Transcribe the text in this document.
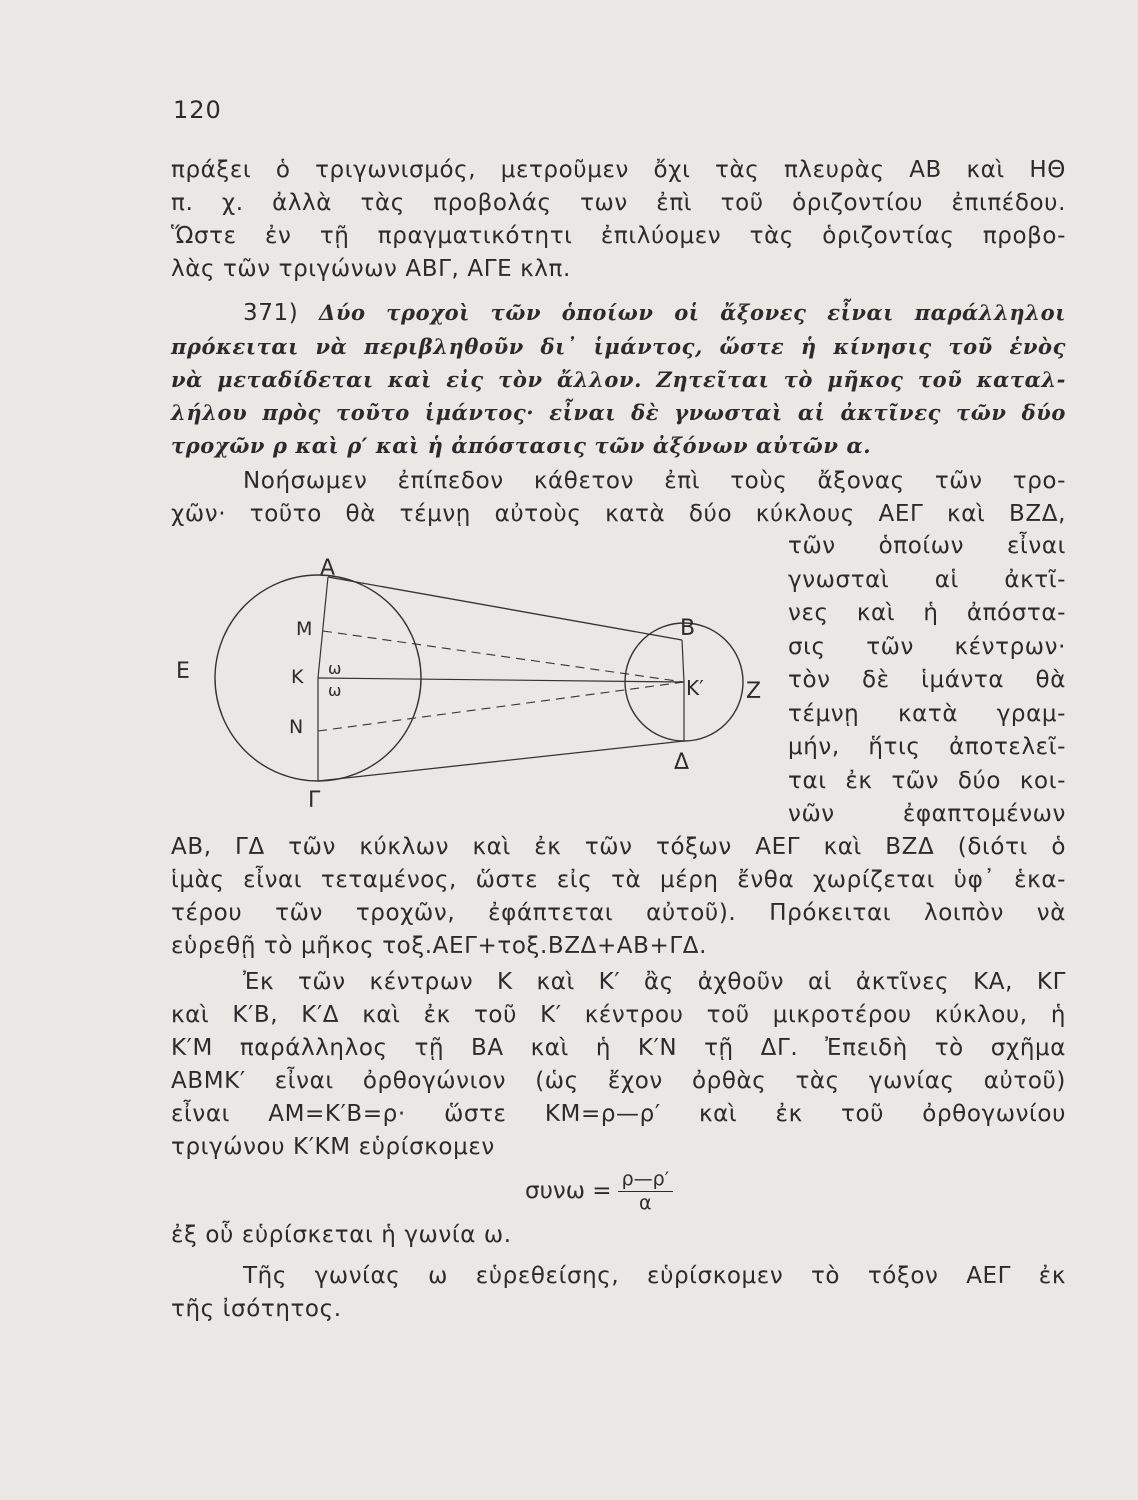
120
πράξει ὁ τριγωνισμός, μετροῦμεν ὄχι τὰς πλευρὰς ΑΒ καὶ ΗΘ
π. χ. ἀλλὰ τὰς προβολάς των ἐπὶ τοῦ ὁριζοντίου ἐπιπέδου.
Ὥστε ἐν τῇ πραγματικότητι ἐπιλύομεν τὰς ὁριζοντίας προβο-
λὰς τῶν τριγώνων ΑΒΓ, ΑΓΕ κλπ.
371) Δύο τροχοὶ τῶν ὁποίων οἱ ἄξονες εἶναι παράλληλοι
πρόκειται νὰ περιβληθοῦν δι᾽ ἱμάντος, ὥστε ἡ κίνησις τοῦ ἑνὸς
νὰ μεταδίδεται καὶ εἰς τὸν ἄλλον. Ζητεῖται τὸ μῆκος τοῦ καταλ-
λήλου πρὸς τοῦτο ἱμάντος· εἶναι δὲ γνωσταὶ αἱ ἀκτῖνες τῶν δύο
τροχῶν ρ καὶ ρ′ καὶ ἡ ἀπόστασις τῶν ἀξόνων αὐτῶν α.
Νοήσωμεν ἐπίπεδον κάθετον ἐπὶ τοὺς ἄξονας τῶν τρο-
χῶν· τοῦτο θὰ τέμνῃ αὐτοὺς κατὰ δύο κύκλους ΑΕΓ καὶ ΒΖΔ,
τῶν ὁποίων εἶναι
γνωσταὶ αἱ ἀκτῖ-
νες καὶ ἡ ἀπόστα-
σις τῶν κέντρων·
τὸν δὲ ἱμάντα θὰ
τέμνῃ κατὰ γραμ-
μήν, ἥτις ἀποτελεῖ-
ται ἐκ τῶν δύο κοι-
νῶν ἐφαπτομένων
Α
Ε
Γ
Μ
Κ
Ν
ω
ω
Β
Ζ
Δ
Κ′
ΑΒ, ΓΔ τῶν κύκλων καὶ ἐκ τῶν τόξων ΑΕΓ καὶ ΒΖΔ (διότι ὁ
ἱμὰς εἶναι τεταμένος, ὥστε εἰς τὰ μέρη ἔνθα χωρίζεται ὑφ᾽ ἑκα-
τέρου τῶν τροχῶν, ἐφάπτεται αὐτοῦ). Πρόκειται λοιπὸν νὰ
εὑρεθῇ τὸ μῆκος τοξ.ΑΕΓ+τοξ.ΒΖΔ+ΑΒ+ΓΔ.
Ἐκ τῶν κέντρων Κ καὶ Κ′ ἂς ἀχθοῦν αἱ ἀκτῖνες ΚΑ, ΚΓ
καὶ Κ′Β, Κ′Δ καὶ ἐκ τοῦ Κ′ κέντρου τοῦ μικροτέρου κύκλου, ἡ
Κ′Μ παράλληλος τῇ ΒΑ καὶ ἡ Κ′Ν τῇ ΔΓ. Ἐπειδὴ τὸ σχῆμα
ΑΒΜΚ′ εἶναι ὀρθογώνιον (ὡς ἔχον ὀρθὰς τὰς γωνίας αὐτοῦ)
εἶναι ΑΜ=Κ′Β=ρ· ὥστε ΚΜ=ρ—ρ′ καὶ ἐκ τοῦ ὀρθογωνίου
τριγώνου Κ′ΚΜ εὑρίσκομεν
$\sigma\upsilon\nu\omega = \frac{\rho—\rho'}{\alpha}$
ἐξ οὗ εὑρίσκεται ἡ γωνία ω.
Τῆς γωνίας ω εὑρεθείσης, εὑρίσκομεν τὸ τόξον ΑΕΓ ἐκ
τῆς ἰσότητος.
